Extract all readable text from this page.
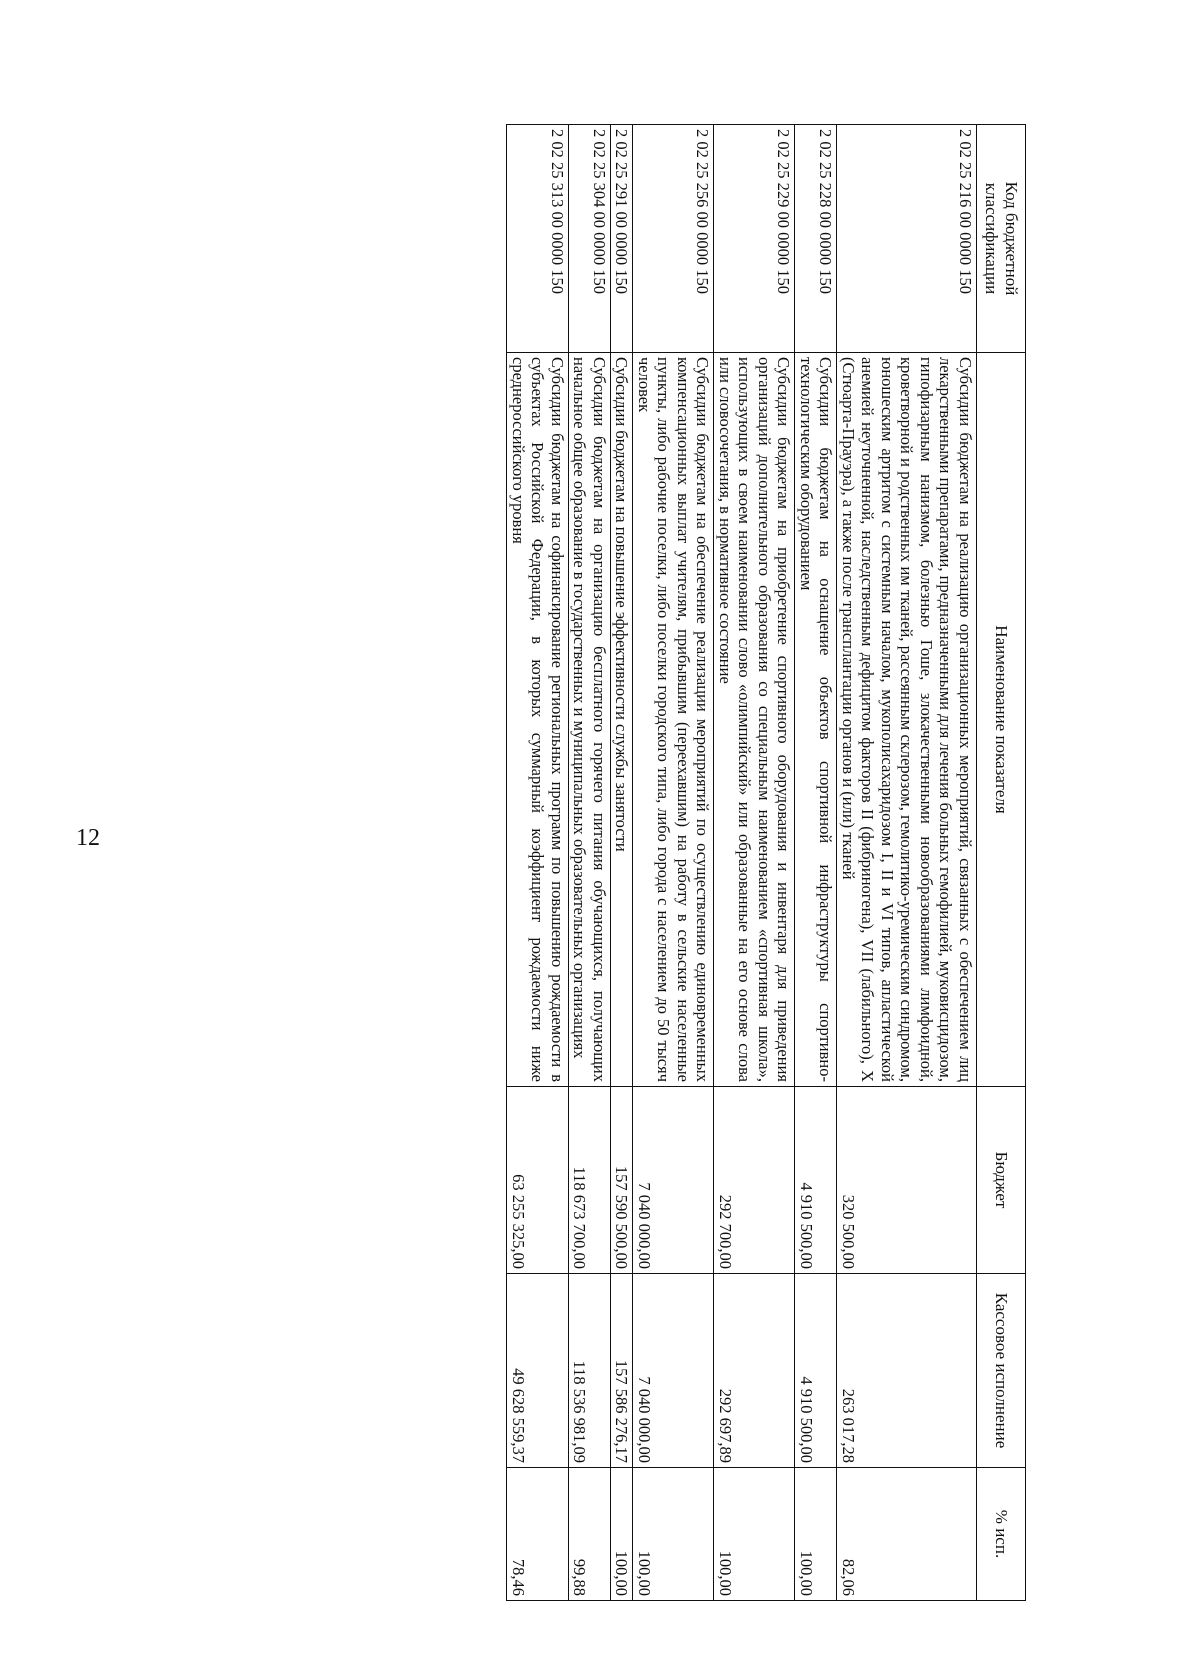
12
Код бюджетной классификации	Наименование показателя	Бюджет	Кассовое исполнение	% исп.
2 02 25 216 00 0000 150	Субсидии бюджетам на реализацию организационных мероприятий, связанных с обеспечением лиц лекарственными препаратами, предназначенными для лечения больных гемофилией, муковисцидозом, гипофизарным нанизмом, болезнью Гоше, злокачественными новообразованиями лимфоидной, кроветворной и родственных им тканей, рассеянным склерозом, гемолитико-уремическим синдромом, юношеским артритом с системным началом, мукополисахаридозом I, II и VI типов, апластической анемией неуточненной, наследственным дефицитом факторов II (фибриногена), VII (лабильного), X (Стюарта-Прауэра), а также после трансплантации органов и (или) тканей	320 500,00	263 017,28	82,06
2 02 25 228 00 0000 150	Субсидии бюджетам на оснащение объектов спортивной инфраструктуры спортивно-технологическим оборудованием	4 910 500,00	4 910 500,00	100,00
2 02 25 229 00 0000 150	Субсидии бюджетам на приобретение спортивного оборудования и инвентаря для приведения организаций дополнительного образования со специальным наименованием «спортивная школа», использующих в своем наименовании слово «олимпийский» или образованные на его основе слова или словосочетания, в нормативное состояние	292 700,00	292 697,89	100,00
2 02 25 256 00 0000 150	Субсидии бюджетам на обеспечение реализации мероприятий по осуществлению единовременных компенсационных выплат учителям, прибывшим (переехавшим) на работу в сельские населенные пункты, либо рабочие поселки, либо поселки городского типа, либо города с населением до 50 тысяч человек	7 040 000,00	7 040 000,00	100,00
2 02 25 291 00 0000 150	Субсидии бюджетам на повышение эффективности службы занятости	157 590 500,00	157 586 276,17	100,00
2 02 25 304 00 0000 150	Субсидии бюджетам на организацию бесплатного горячего питания обучающихся, получающих начальное общее образование в государственных и муниципальных образовательных организациях	118 673 700,00	118 536 981,09	99,88
2 02 25 313 00 0000 150	Субсидии бюджетам на софинансирование региональных программ по повышению рождаемости в субъектах Российской Федерации, в которых суммарный коэффициент рождаемости ниже среднероссийского уровня	63 255 325,00	49 628 559,37	78,46
